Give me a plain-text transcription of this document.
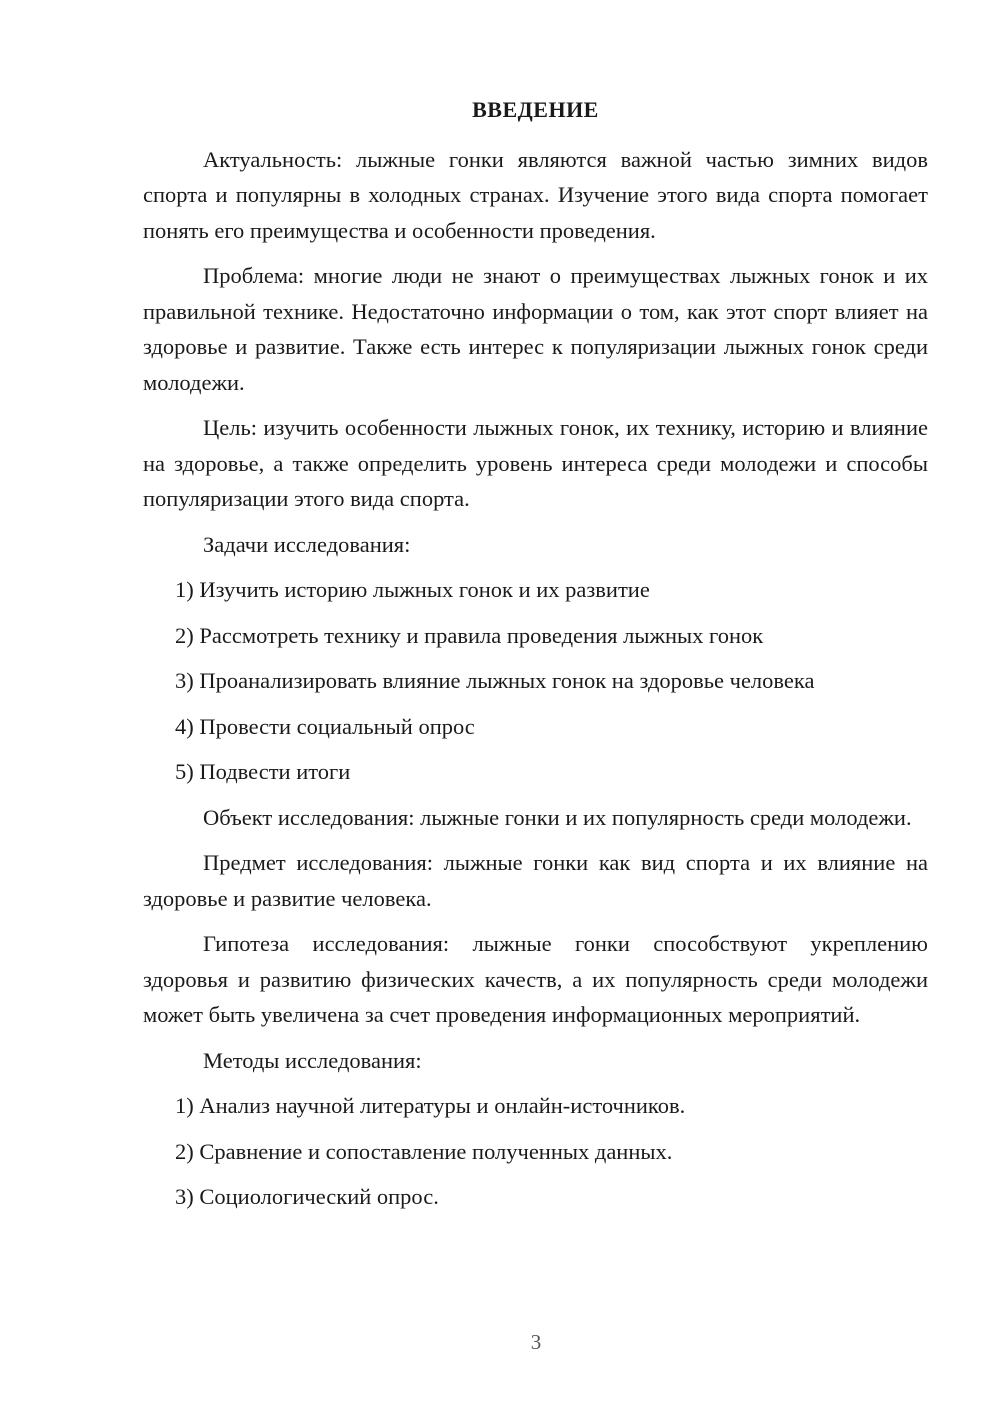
ВВЕДЕНИЕ

Актуальность: лыжные гонки являются важной частью зимних видов спорта и популярны в холодных странах. Изучение этого вида спорта помогает понять его преимущества и особенности проведения.

Проблема: многие люди не знают о преимуществах лыжных гонок и их правильной технике. Недостаточно информации о том, как этот спорт влияет на здоровье и развитие. Также есть интерес к популяризации лыжных гонок среди молодежи.

Цель: изучить особенности лыжных гонок, их технику, историю и влияние на здоровье, а также определить уровень интереса среди молодежи и способы популяризации этого вида спорта.

Задачи исследования:

1) Изучить историю лыжных гонок и их развитие

2) Рассмотреть технику и правила проведения лыжных гонок

3) Проанализировать влияние лыжных гонок на здоровье человека

4) Провести социальный опрос

5) Подвести итоги

Объект исследования: лыжные гонки и их популярность среди молодежи.

Предмет исследования: лыжные гонки как вид спорта и их влияние на здоровье и развитие человека.

Гипотеза исследования: лыжные гонки способствуют укреплению здоровья и развитию физических качеств, а их популярность среди молодежи может быть увеличена за счет проведения информационных мероприятий.

Методы исследования:

1) Анализ научной литературы и онлайн-источников.

2) Сравнение и сопоставление полученных данных.

3) Социологический опрос.

3
